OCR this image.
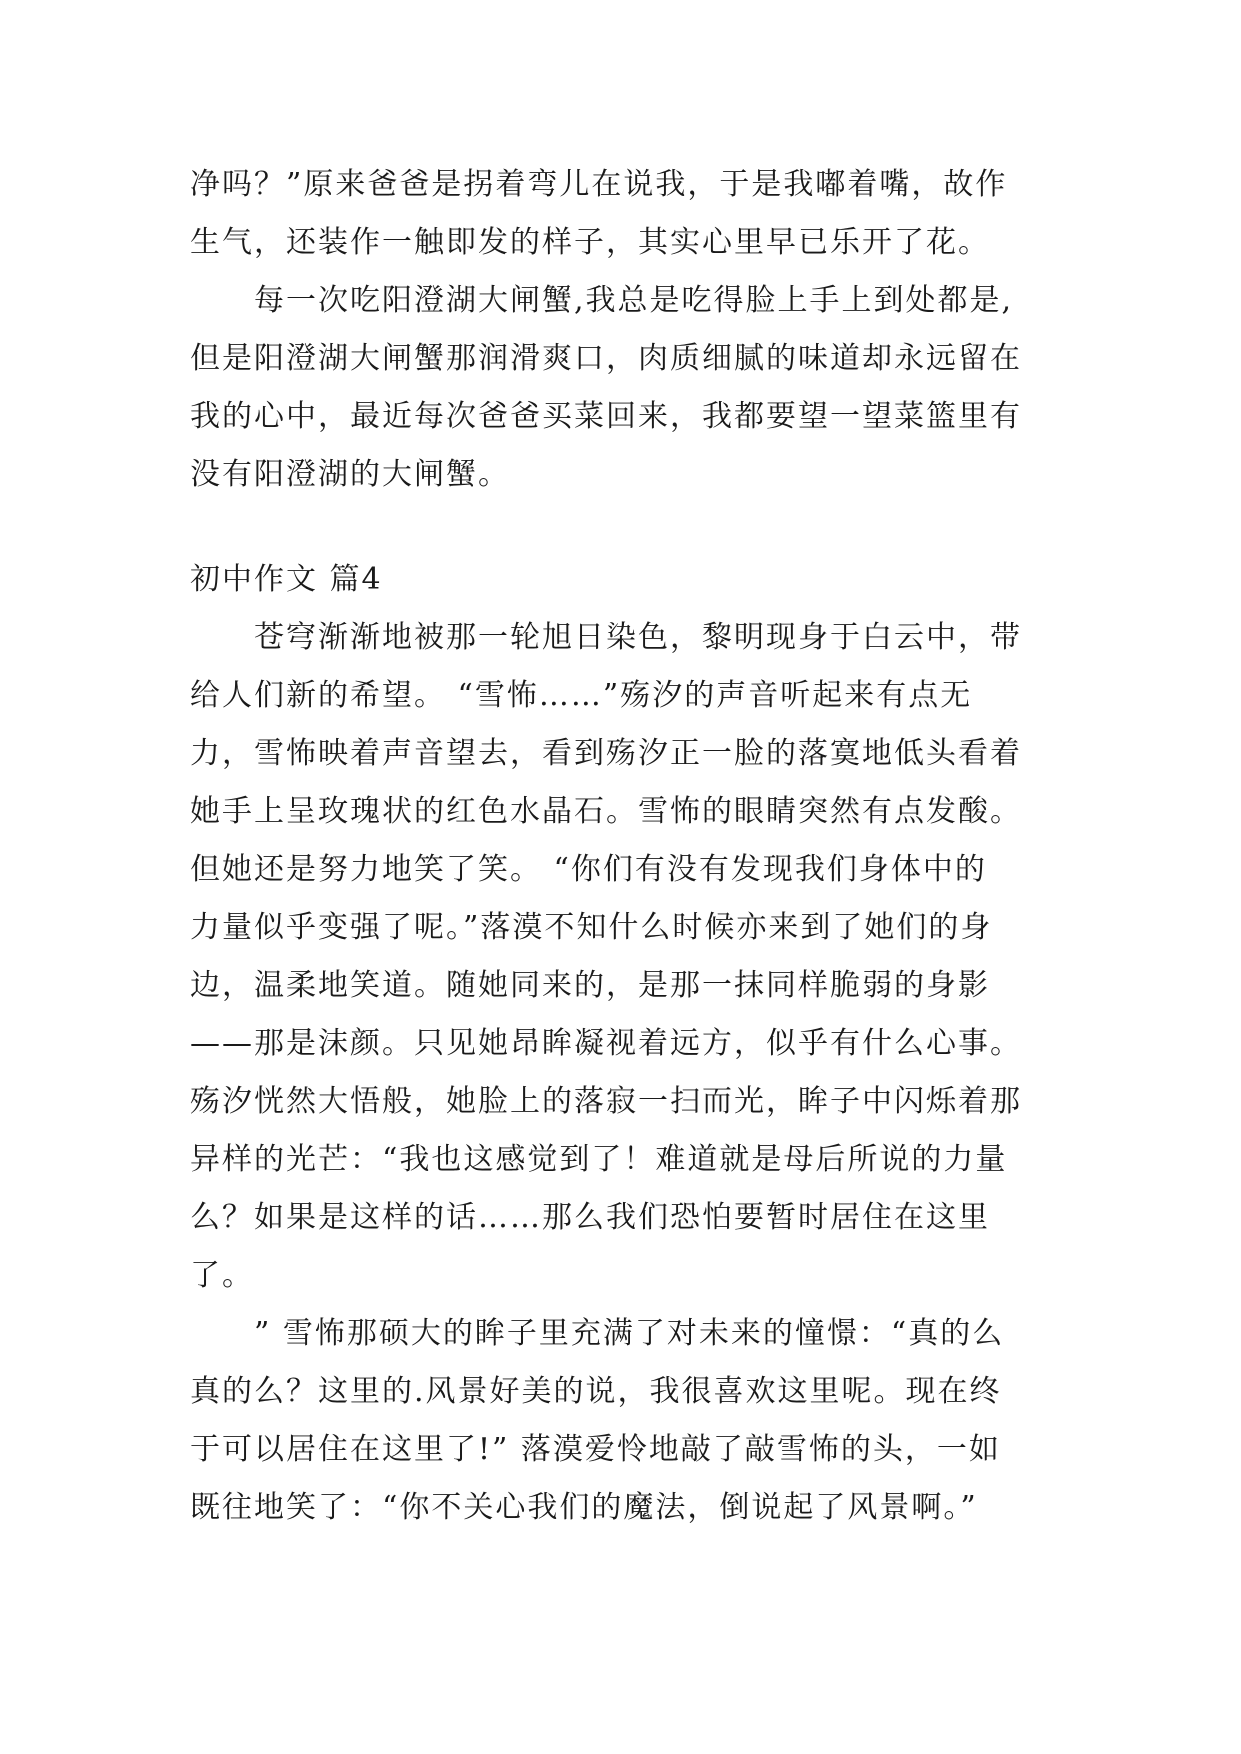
净吗？”原来爸爸是拐着弯儿在说我，于是我嘟着嘴，故作
生气，还装作一触即发的样子，其实心里早已乐开了花。
　　每一次吃阳澄湖大闸蟹,我总是吃得脸上手上到处都是,
但是阳澄湖大闸蟹那润滑爽口，肉质细腻的味道却永远留在
我的心中，最近每次爸爸买菜回来，我都要望一望菜篮里有
没有阳澄湖的大闸蟹。
初中作文 篇4
　　苍穹渐渐地被那一轮旭日染色，黎明现身于白云中，带
给人们新的希望。 “雪怖……”殇汐的声音听起来有点无
力，雪怖映着声音望去，看到殇汐正一脸的落寞地低头看着
她手上呈玫瑰状的红色水晶石。雪怖的眼睛突然有点发酸。
但她还是努力地笑了笑。 “你们有没有发现我们身体中的
力量似乎变强了呢。”落漠不知什么时候亦来到了她们的身
边，温柔地笑道。随她同来的，是那一抹同样脆弱的身影
——那是沫颜。只见她昂眸凝视着远方，似乎有什么心事。
殇汐恍然大悟般，她脸上的落寂一扫而光，眸子中闪烁着那
异样的光芒：“我也这感觉到了！难道就是母后所说的力量
么？如果是这样的话……那么我们恐怕要暂时居住在这里
了。
　　” 雪怖那硕大的眸子里充满了对未来的憧憬：“真的么
真的么？这里的.风景好美的说，我很喜欢这里呢。现在终
于可以居住在这里了!” 落漠爱怜地敲了敲雪怖的头，一如
既往地笑了：“你不关心我们的魔法，倒说起了风景啊。”
